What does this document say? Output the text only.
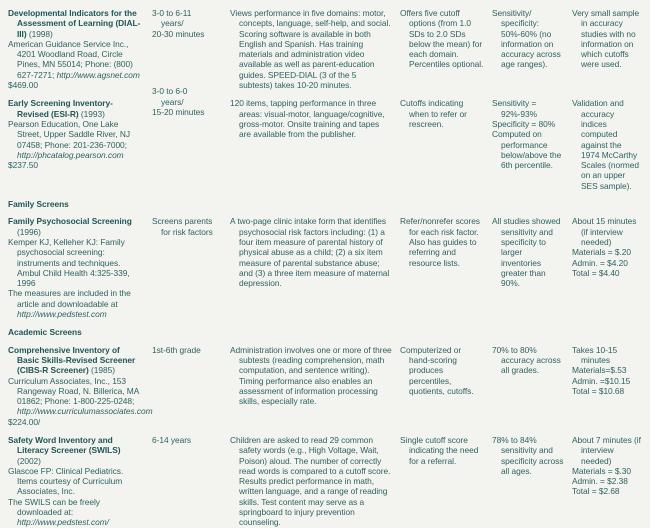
Developmental Indicators for the Assessment of Learning (DIAL-III) (1998)

American Guidance Service Inc., 4201 Woodland Road, Circle Pines, MN 55014; Phone: (800) 627-7271; http://www.agsnet.com

$469.00

3-0 to 6-11

years/

20-30 minutes

Views performance in five domains: motor, concepts, language, self-help, and social. Scoring software is available in both English and Spanish. Has training materials and administration video available as well as parent-education guides. SPEED-DIAL (3 of the 5 subtests) takes 10-20 minutes.

Offers five cutoff options (from 1.0 SDs to 2.0 SDs below the mean) for each domain. Percentiles optional.

Sensitivity/

specificity: 50%-60% (no information on accuracy across age ranges).

Very small sample in accuracy studies with no information on which cutoffs were used.

Early Screening Inventory-Revised (ESI-R) (1993)

Pearson Education, One Lake Street, Upper Saddle River, NJ 07458; Phone: 201-236-7000; http://phcatalog.pearson.com

$237.50

3-0 to 6-0

years/

15-20 minutes

120 items, tapping performance in three areas: visual-motor, language/cognitive, gross-motor. Onsite training and tapes are available from the publisher.

Cutoffs indicating when to refer or rescreen.

Sensitivity = 92%-93%

Specificity = 80%

Computed on performance below/above the 6th percentile.

Validation and accuracy indices computed against the 1974 McCarthy Scales (normed on an upper SES sample).

Family Screens

Family Psychosocial Screening (1996)

Kemper KJ, Kelleher KJ: Family psychosocial screening: instruments and techniques. Ambul Child Health 4:325-339, 1996

The measures are included in the article and downloadable at http://www.pedstest.com

Screens parents

for risk factors

A two-page clinic intake form that identifies psychosocial risk factors including: (1) a four item measure of parental history of physical abuse as a child; (2) a six item measure of parental substance abuse; and (3) a three item measure of maternal depression.

Refer/nonrefer scores for each risk factor. Also has guides to referring and resource lists.

All studies showed sensitivity and specificity to larger inventories greater than 90%.

About 15 minutes (if interview needed)

Materials = $.20

Admin. = $4.20

Total = $4.40

Academic Screens

Comprehensive Inventory of Basic Skills-Revised Screener (CIBS-R Screener) (1985)

Curriculum Associates, Inc., 153 Rangeway Road, N. Billerica, MA 01862; Phone: 1-800-225-0248; http://www.curriculumassociates.com

$224.00/

1st-6th grade	Administration involves one or more of three subtests (reading comprehension, math computation, and sentence writing). Timing performance also enables an assessment of information processing skills, especially rate.

Computerized or hand-scoring produces percentiles, quotients, cutoffs.

70% to 80% accuracy across all grades.

Takes 10-15 minutes

Materials=$.53

Admin. =$10.15

Total = $10.68

Safety Word Inventory and Literacy Screener (SWILS) (2002)

Glascoe FP: Clinical Pediatrics. Items courtesy of Curriculum Associates, Inc.

The SWILS can be freely downloaded at: http://www.pedstest.com/

6-14 years	Children are asked to read 29 common safety words (e.g., High Voltage, Wait, Poison) aloud. The number of correctly read words is compared to a cutoff score. Results predict performance in math, written language, and a range of reading skills. Test content may serve as a springboard to injury prevention counseling.

Single cutoff score indicating the need for a referral.

78% to 84% sensitivity and specificity across all ages.

About 7 minutes (if interview needed)

Materials = $.30

Admin. = $2.38

Total = $2.68
